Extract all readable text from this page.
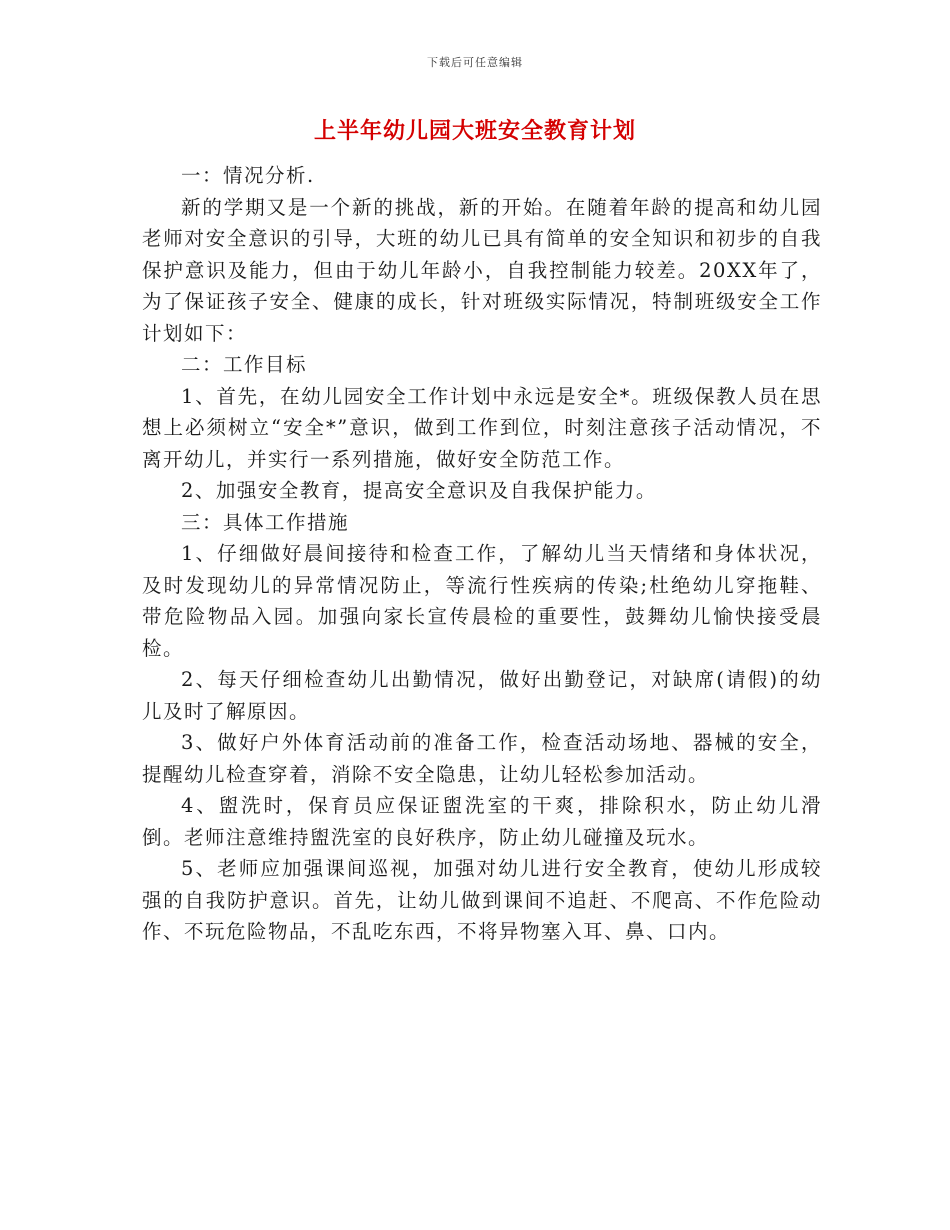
下载后可任意编辑
上半年幼儿园大班安全教育计划

一：情况分析.

新的学期又是一个新的挑战，新的开始。在随着年龄的提高和幼儿园老师对安全意识的引导，大班的幼儿已具有简单的安全知识和初步的自我保护意识及能力，但由于幼儿年龄小，自我控制能力较差。20XX年了，为了保证孩子安全、健康的成长，针对班级实际情况，特制班级安全工作计划如下：

二：工作目标

1、首先，在幼儿园安全工作计划中永远是安全*。班级保教人员在思想上必须树立“安全*”意识，做到工作到位，时刻注意孩子活动情况，不离开幼儿，并实行一系列措施，做好安全防范工作。

2、加强安全教育，提高安全意识及自我保护能力。

三：具体工作措施

1、仔细做好晨间接待和检查工作，了解幼儿当天情绪和身体状况，及时发现幼儿的异常情况防止，等流行性疾病的传染;杜绝幼儿穿拖鞋、带危险物品入园。加强向家长宣传晨检的重要性，鼓舞幼儿愉快接受晨检。

2、每天仔细检查幼儿出勤情况，做好出勤登记，对缺席(请假)的幼儿及时了解原因。

3、做好户外体育活动前的准备工作，检查活动场地、器械的安全，提醒幼儿检查穿着，消除不安全隐患，让幼儿轻松参加活动。

4、盥洗时，保育员应保证盥洗室的干爽，排除积水，防止幼儿滑倒。老师注意维持盥洗室的良好秩序，防止幼儿碰撞及玩水。

5、老师应加强课间巡视，加强对幼儿进行安全教育，使幼儿形成较强的自我防护意识。首先，让幼儿做到课间不追赶、不爬高、不作危险动作、不玩危险物品，不乱吃东西，不将异物塞入耳、鼻、口内。
